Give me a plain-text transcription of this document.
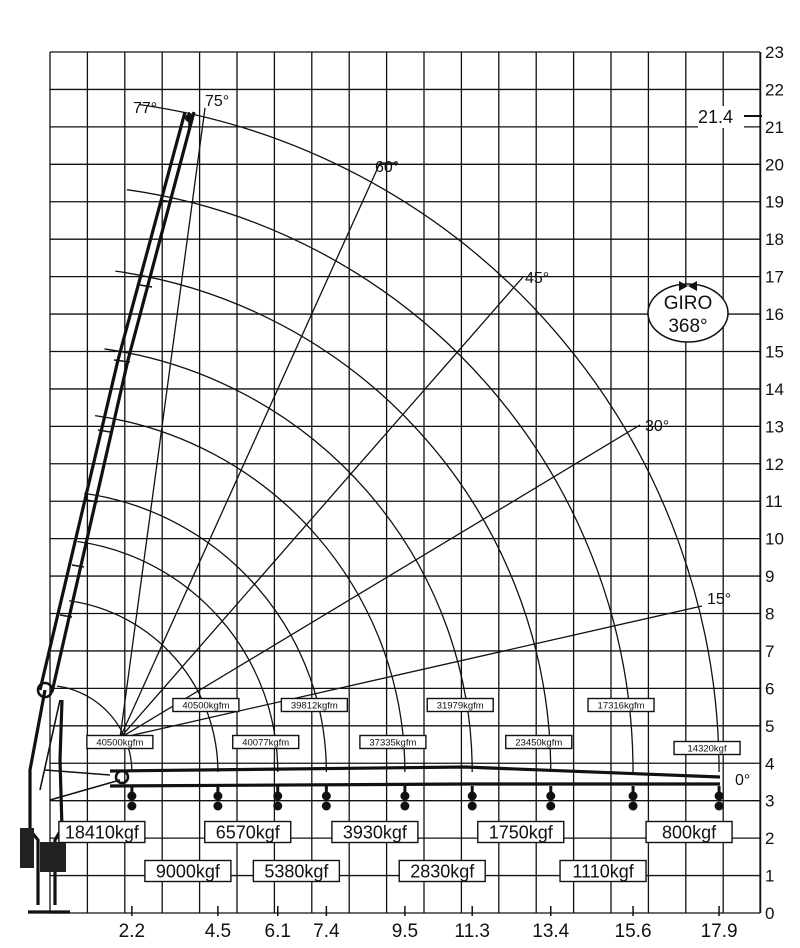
0
1
2
3
4
5
6
7
8
9
10
11
12
13
14
15
16
17
18
19
20
21
22
23
2.2	4.5 6.1 7.4	9.5 11.3 13.4 15.6	17.9
77°	75°
60°
45°
30°
15°
0°
21.4
GIRO
368°
40500kgfm
40500kgfm
40077kgfm
39812kgfm
37335kgfm
31979kgfm
23450kgfm
17316kgfm
14320kgf
18410kgf
9000kgf
6570kgf
5380kgf
3930kgf
2830kgf
1750kgf
1110kgf
800kgf
